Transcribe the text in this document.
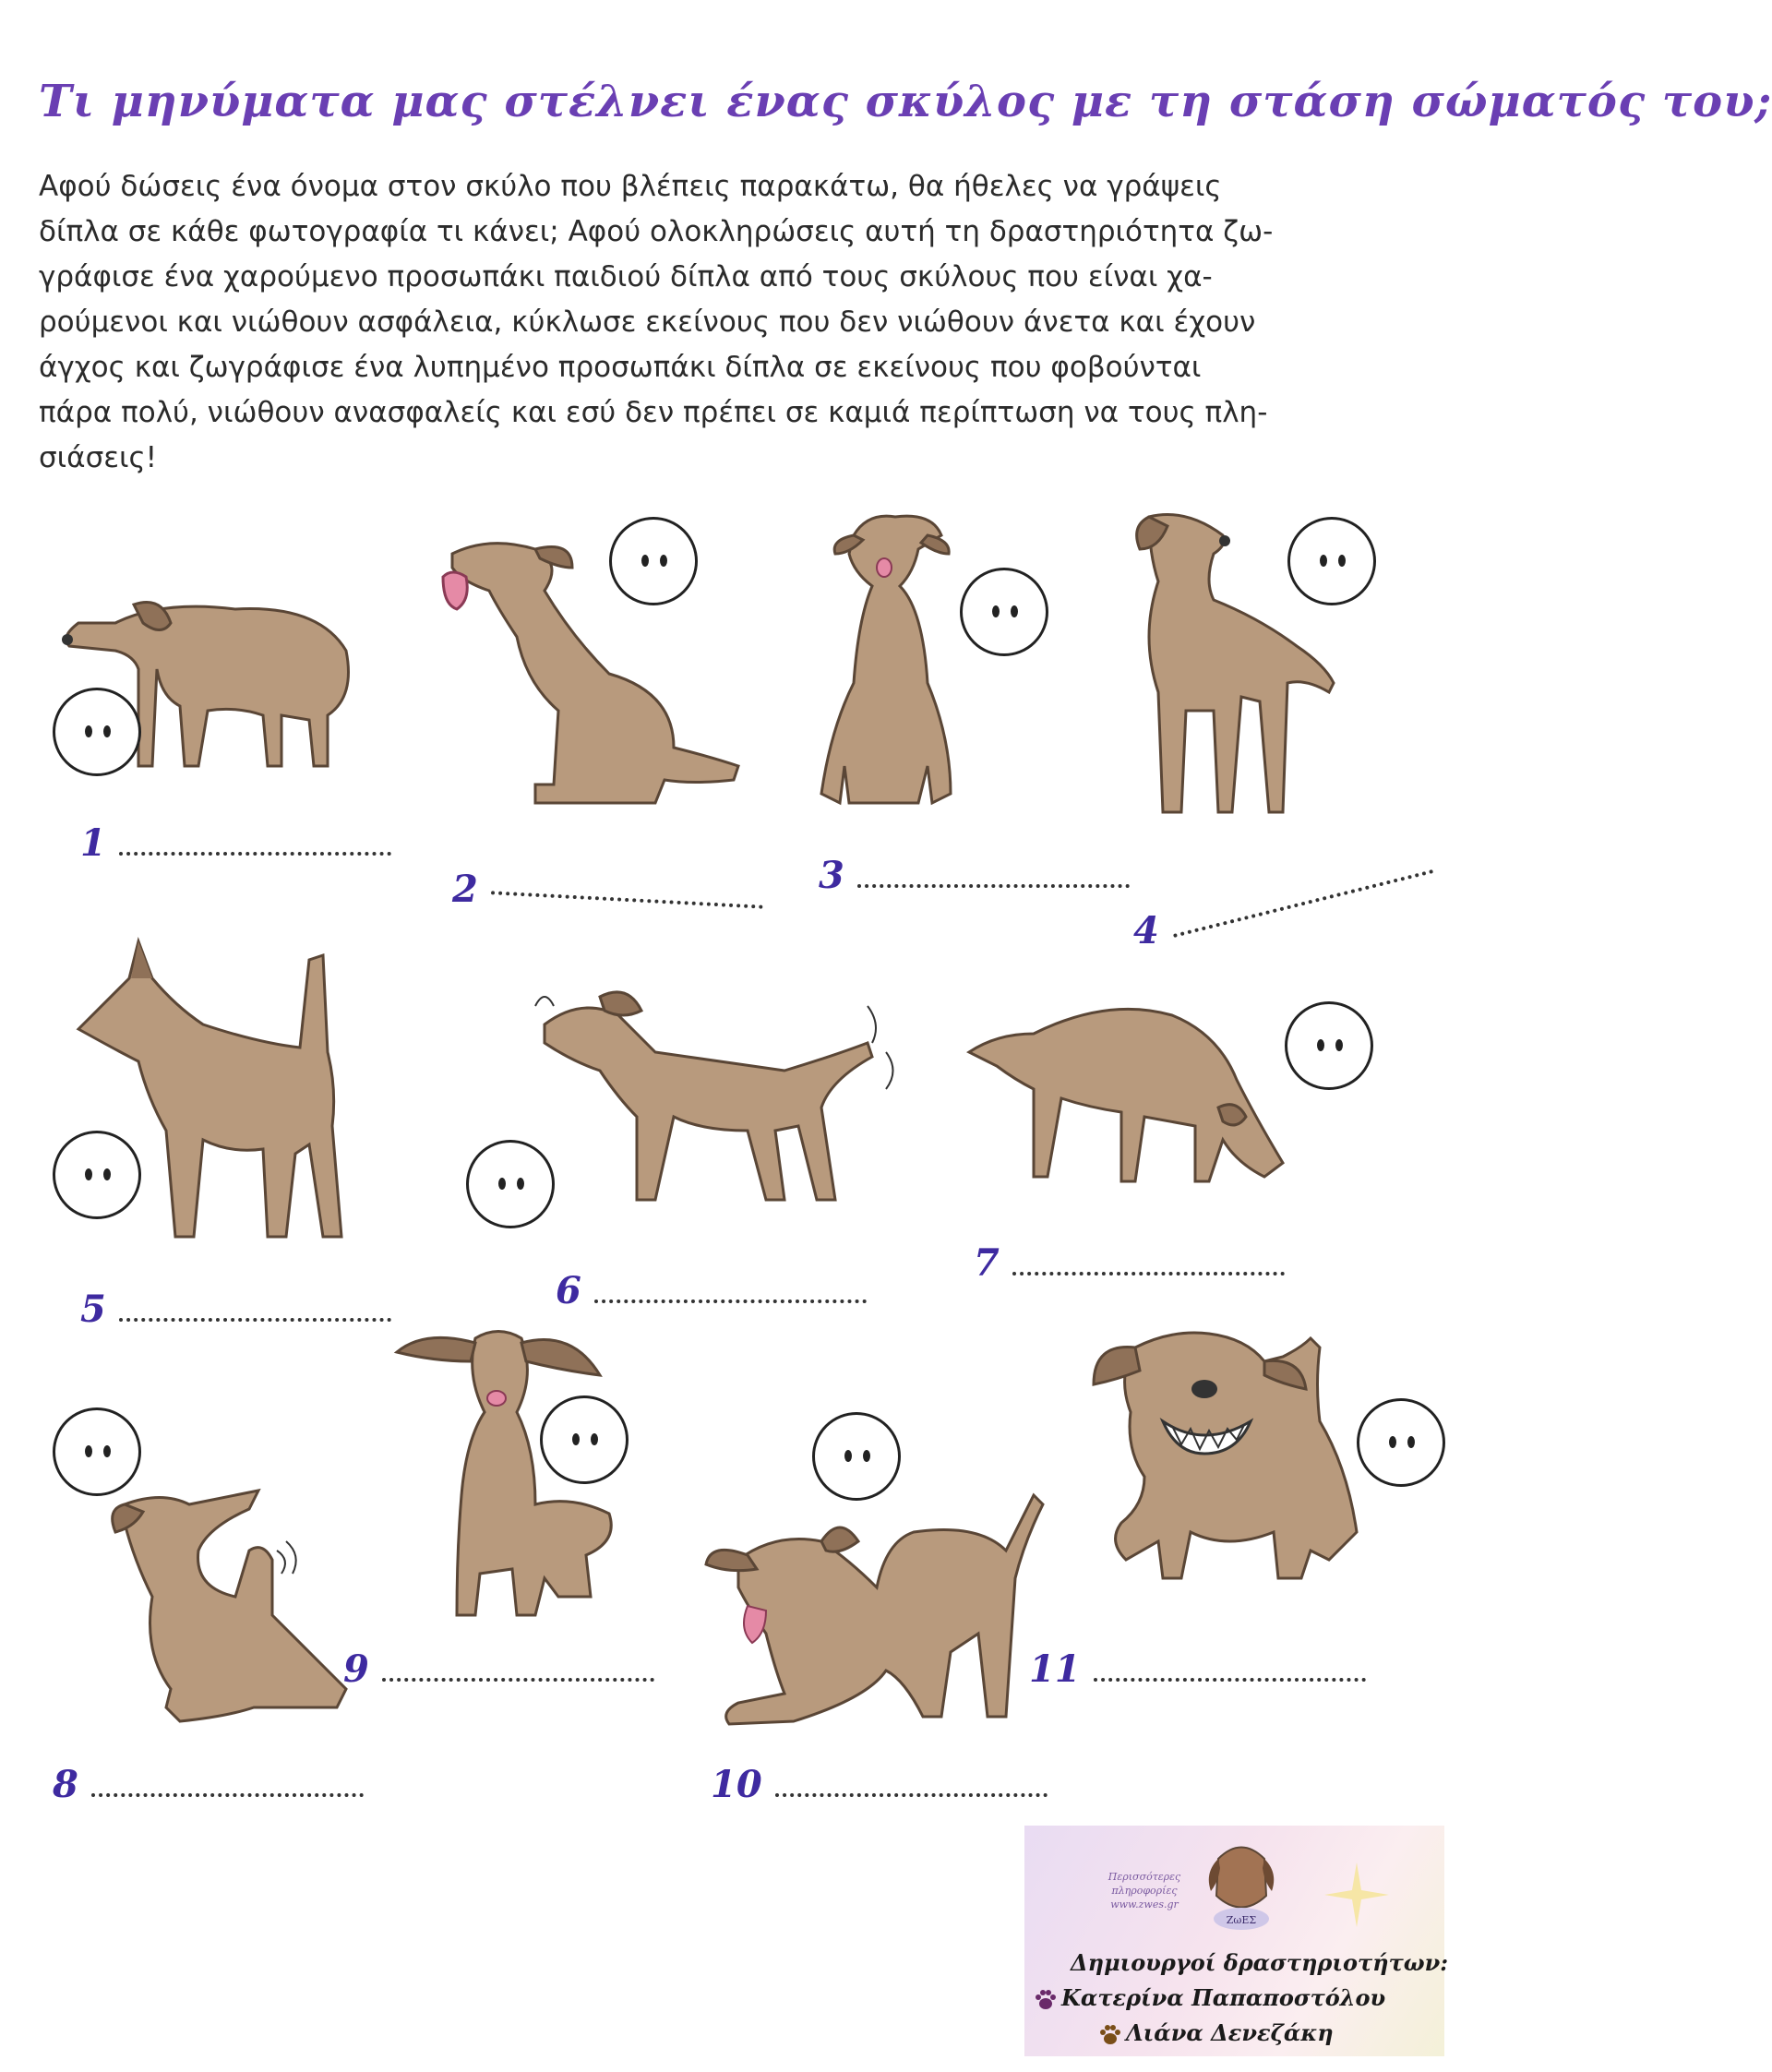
Τι μηνύματα μας στέλνει ένας σκύλος με τη στάση σώματός του;
Αφού δώσεις ένα όνομα στον σκύλο που βλέπεις παρακάτω, θα ήθελες να γράψεις
δίπλα σε κάθε φωτογραφία τι κάνει; Αφού ολοκληρώσεις αυτή τη δραστηριότητα ζω-
γράφισε ένα χαρούμενο προσωπάκι παιδιού δίπλα από τους σκύλους που είναι χα-
ρούμενοι και νιώθουν ασφάλεια, κύκλωσε εκείνους που δεν νιώθουν άνετα και έχουν
άγχος και ζωγράφισε ένα λυπημένο προσωπάκι δίπλα σε εκείνους που φοβούνται
πάρα πολύ, νιώθουν ανασφαλείς και εσύ δεν πρέπει σε καμιά περίπτωση να τους πλη-
σιάσεις!
1
2	3
4
5	6
7
8
9
10
11
Περισσότερες
πληροφορίες
www.zwes.gr
ΖωΕΣ
Δημιουργοί δραστηριοτήτων:
Κατερίνα Παπαποστόλου
Λιάνα Δενεζάκη
